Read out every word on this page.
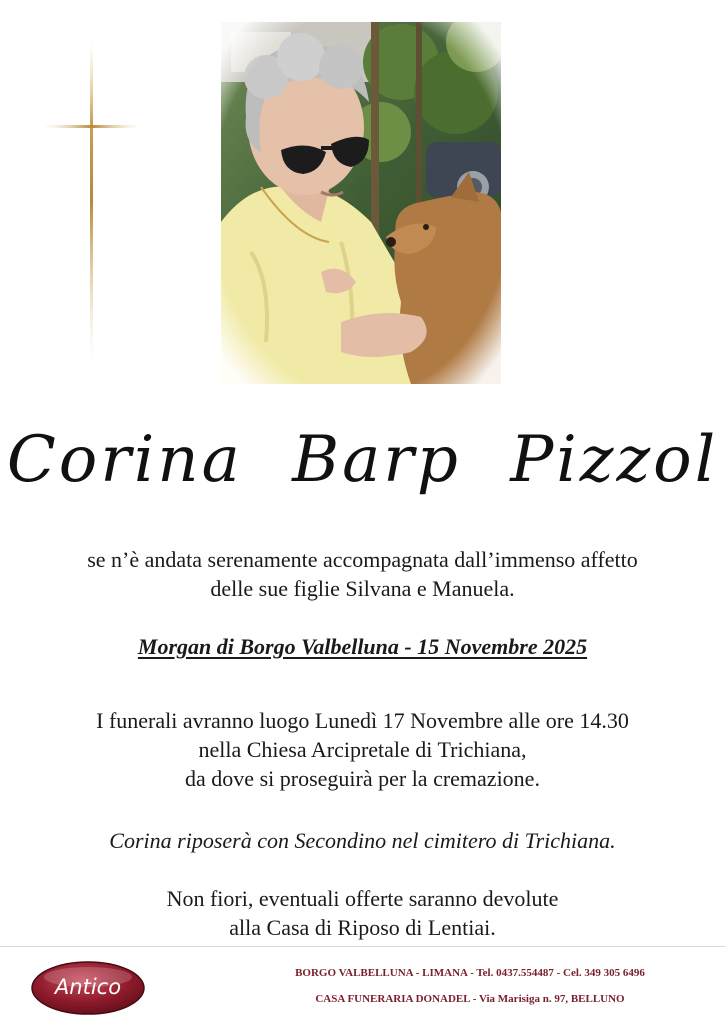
Corina Barp Pizzol
se n’è andata serenamente accompagnata dall’immenso affetto
delle sue figlie Silvana e Manuela.
Morgan di Borgo Valbelluna - 15 Novembre 2025
I funerali avranno luogo Lunedì 17 Novembre alle ore 14.30
nella Chiesa Arcipretale di Trichiana,
da dove si proseguirà per la cremazione.
Corina riposerà con Secondino nel cimitero di Trichiana.
Non fiori, eventuali offerte saranno devolute
alla Casa di Riposo di Lentiai.
Antico
BORGO VALBELLUNA - LIMANA - Tel. 0437.554487 - Cel. 349 305 6496
CASA FUNERARIA DONADEL - Via Marisiga n. 97, BELLUNO
